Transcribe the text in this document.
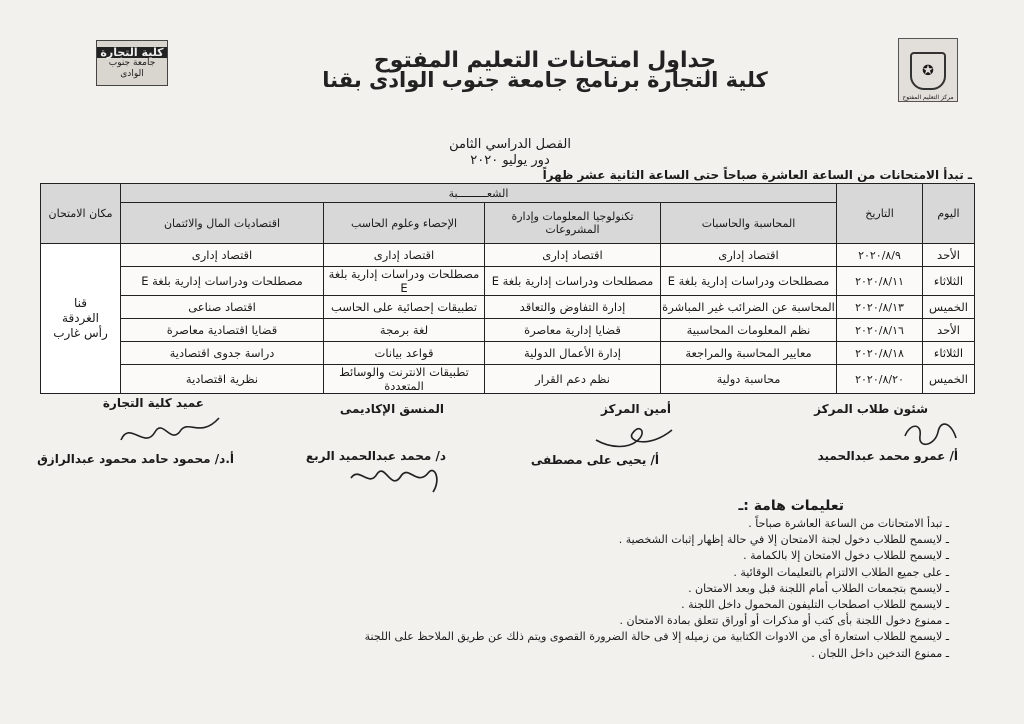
كلية التجارة
جامعة جنوب الوادى	✪
مركز التعليم المفتوح
جداول امتحانات التعليم المفتوح
كلية التجارة برنامج جامعة جنوب الوادى بقنا
الفصل الدراسي الثامن
دور يوليو ٢٠٢٠
ـ تبدأ الامتحانات من الساعة العاشرة صباحاً حتى الساعة الثانية عشر ظهراً
اليوم	التاريخ	الشعـــــــــبة				مكان الامتحان
		المحاسبة والحاسبات	تكنولوجيا المعلومات وإدارة المشروعات	الإحصاء وعلوم الحاسب	اقتصاديات المال والائتمان	
الأحد	٢٠٢٠/٨/٩	اقتصاد إدارى	اقتصاد إدارى	اقتصاد إدارى	اقتصاد إدارى	قنا
الغردقة
رأس غارب

الثلاثاء	٢٠٢٠/٨/١١	مصطلحات ودراسات إدارية بلغة E	مصطلحات ودراسات إدارية بلغة E	مصطلحات ودراسات إدارية بلغة E	مصطلحات ودراسات إدارية بلغة E	
الخميس	٢٠٢٠/٨/١٣	المحاسبة عن الضرائب غير المباشرة	إدارة التفاوض والتعاقد	تطبيقات إحصائية على الحاسب	اقتصاد صناعى	
الأحد	٢٠٢٠/٨/١٦	نظم المعلومات المحاسبية	قضايا إدارية معاصرة	لغة برمجة	قضايا اقتصادية معاصرة	
الثلاثاء	٢٠٢٠/٨/١٨	معايير المحاسبة والمراجعة	إدارة الأعمال الدولية	قواعد بيانات	دراسة جدوى اقتصادية	
الخميس	٢٠٢٠/٨/٢٠	محاسبة دولية	نظم دعم القرار	تطبيقات الانترنت والوسائط المتعددة	نظرية اقتصادية	
شئون طلاب المركز
أمين المركز
المنسق الإكاديمى
عميد كلية التجارة
أ/ عمرو محمد عبدالحميد
أ/ يحيى على مصطفى
د/ محمد عبدالحميد الربع
أ.د/ محمود حامد محمود عبدالرازق
تعليمات هامة :ـ
ـ تبدأ الامتحانات من الساعة العاشرة صباحاً .
ـ لايسمح للطلاب دخول لجنة الامتحان إلا في حالة إظهار إثبات الشخصية .
ـ لايسمح للطلاب دخول الامتحان إلا بالكمامة .
ـ على جميع الطلاب الالتزام بالتعليمات الوقائية .
ـ لايسمح بتجمعات الطلاب أمام اللجنة قبل وبعد الامتحان .
ـ لايسمح للطلاب اصطحاب التليفون المحمول داخل اللجنة .
ـ ممنوع دخول اللجنة بأى كتب أو مذكرات أو أوراق تتعلق بمادة الامتحان .
ـ لايسمح للطلاب استعارة أى من الادوات الكتابية من زميله إلا فى حالة الضرورة القصوى ويتم ذلك عن طريق الملاحظ على اللجنة
ـ ممنوع التدخين داخل اللجان .
